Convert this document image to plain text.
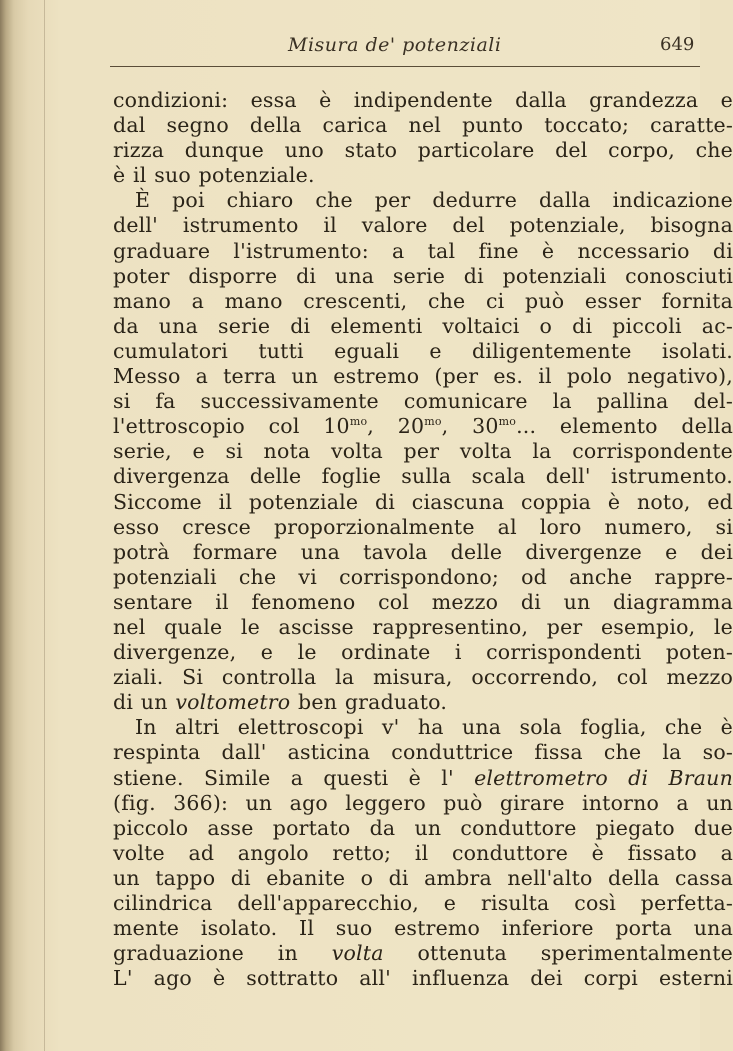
Misura de' potenziali	649
condizioni: essa è indipendente dalla grandezza e
dal segno della carica nel punto toccato; caratte-
rizza dunque uno stato particolare del corpo, che
è il suo potenziale.
È poi chiaro che per dedurre dalla indicazione
dell' istrumento il valore del potenziale, bisogna
graduare l'istrumento: a tal fine è nccessario di
poter disporre di una serie di potenziali conosciuti
mano a mano crescenti, che ci può esser fornita
da una serie di elementi voltaici o di piccoli ac-
cumulatori tutti eguali e diligentemente isolati.
Messo a terra un estremo (per es. il polo negativo),
si fa successivamente comunicare la pallina del-
l'ettroscopio col $10^{mo}$, $20^{mo}$, $30^{mo}$... elemento della
serie, e si nota volta per volta la corrispondente
divergenza delle foglie sulla scala dell' istrumento.
Siccome il potenziale di ciascuna coppia è noto, ed
esso cresce proporzionalmente al loro numero, si
potrà formare una tavola delle divergenze e dei
potenziali che vi corrispondono; od anche rappre-
sentare il fenomeno col mezzo di un diagramma
nel quale le ascisse rappresentino, per esempio, le
divergenze, e le ordinate i corrispondenti poten-
ziali. Si controlla la misura, occorrendo, col mezzo
di un voltometro ben graduato.
In altri elettroscopi v' ha una sola foglia, che è
respinta dall' asticina conduttrice fissa che la so-
stiene. Simile a questi è l' elettrometro di Braun
(fig. 366): un ago leggero può girare intorno a un
piccolo asse portato da un conduttore piegato due
volte ad angolo retto; il conduttore è fissato a
un tappo di ebanite o di ambra nell'alto della cassa
cilindrica dell'apparecchio, e risulta così perfetta-
mente isolato. Il suo estremo inferiore porta una
graduazione in volta ottenuta sperimentalmente
L' ago è sottratto all' influenza dei corpi esterni
